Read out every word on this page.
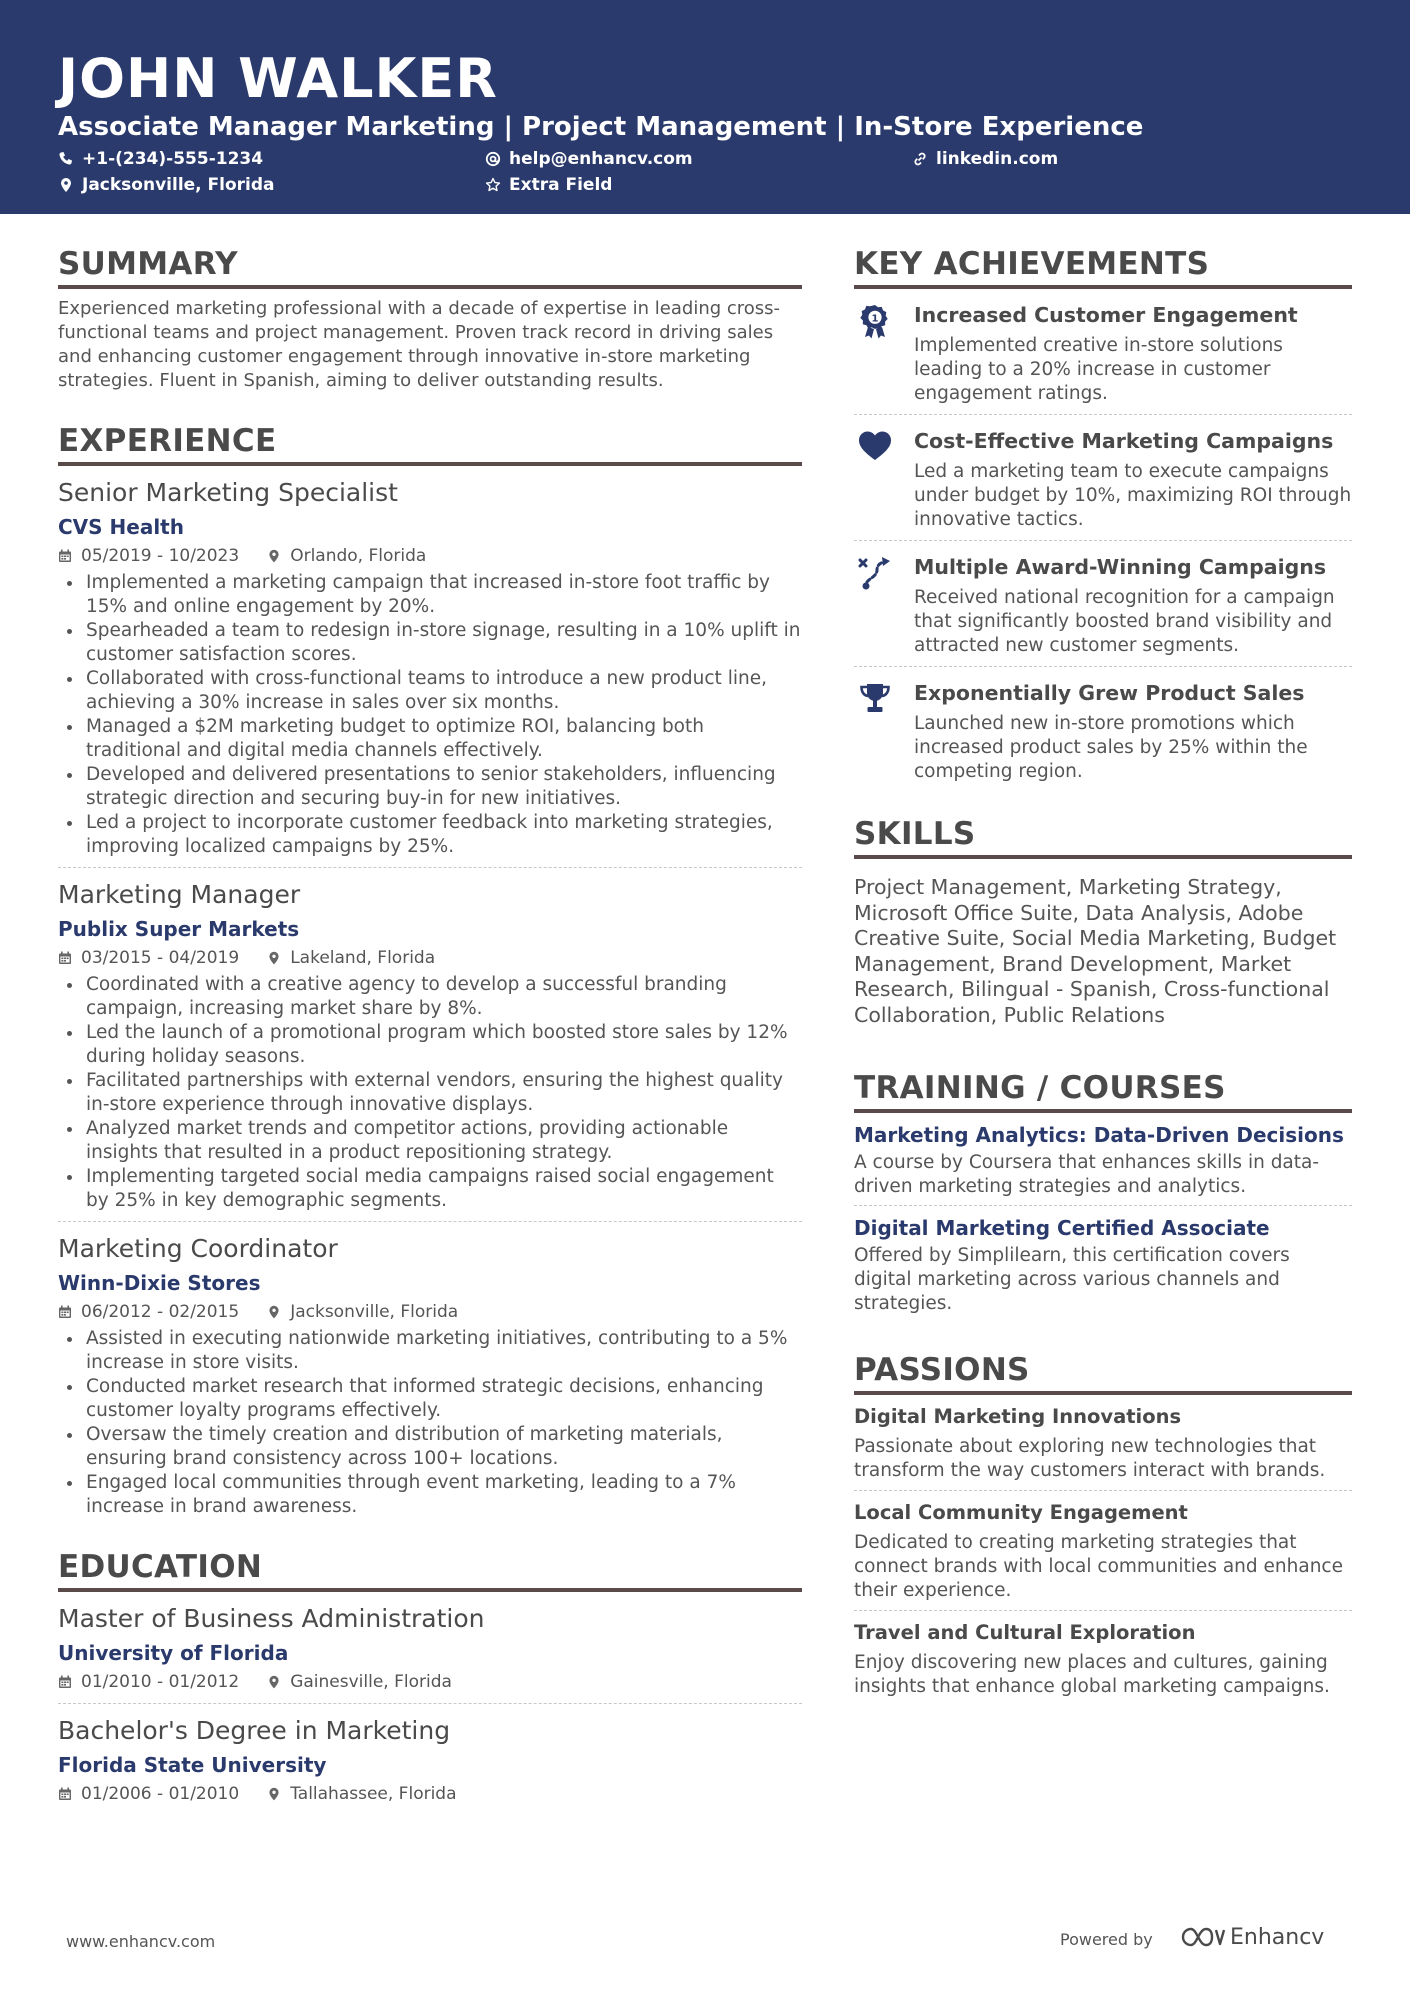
JOHN WALKER
Associate Manager Marketing | Project Management | In-Store Experience
+1-(234)-555-1234	help@enhancv.com	linkedin.com
Jacksonville, Florida	Extra Field
SUMMARY
Experienced marketing professional with a decade of expertise in leading cross-functional teams and project management. Proven track record in driving sales and enhancing customer engagement through innovative in-store marketing strategies. Fluent in Spanish, aiming to deliver outstanding results.
EXPERIENCE
Senior Marketing Specialist
CVS Health
05/2019 - 10/2023	Orlando, Florida
Implemented a marketing campaign that increased in-store foot traffic by 15% and online engagement by 20%.
Spearheaded a team to redesign in-store signage, resulting in a 10% uplift in customer satisfaction scores.
Collaborated with cross-functional teams to introduce a new product line, achieving a 30% increase in sales over six months.
Managed a $2M marketing budget to optimize ROI, balancing both traditional and digital media channels effectively.
Developed and delivered presentations to senior stakeholders, influencing strategic direction and securing buy-in for new initiatives.
Led a project to incorporate customer feedback into marketing strategies, improving localized campaigns by 25%.
Marketing Manager
Publix Super Markets
03/2015 - 04/2019	Lakeland, Florida
Coordinated with a creative agency to develop a successful branding campaign, increasing market share by 8%.
Led the launch of a promotional program which boosted store sales by 12% during holiday seasons.
Facilitated partnerships with external vendors, ensuring the highest quality in-store experience through innovative displays.
Analyzed market trends and competitor actions, providing actionable insights that resulted in a product repositioning strategy.
Implementing targeted social media campaigns raised social engagement by 25% in key demographic segments.
Marketing Coordinator
Winn-Dixie Stores
06/2012 - 02/2015	Jacksonville, Florida
Assisted in executing nationwide marketing initiatives, contributing to a 5% increase in store visits.
Conducted market research that informed strategic decisions, enhancing customer loyalty programs effectively.
Oversaw the timely creation and distribution of marketing materials, ensuring brand consistency across 100+ locations.
Engaged local communities through event marketing, leading to a 7% increase in brand awareness.
EDUCATION
Master of Business Administration
University of Florida
01/2010 - 01/2012	Gainesville, Florida
Bachelor's Degree in Marketing
Florida State University
01/2006 - 01/2010	Tallahassee, Florida
KEY ACHIEVEMENTS
1 Increased Customer Engagement
Implemented creative in-store solutions leading to a 20% increase in customer engagement ratings.
Cost-Effective Marketing Campaigns
Led a marketing team to execute campaigns under budget by 10%, maximizing ROI through innovative tactics.
Multiple Award-Winning Campaigns
Received national recognition for a campaign that significantly boosted brand visibility and attracted new customer segments.
Exponentially Grew Product Sales
Launched new in-store promotions which increased product sales by 25% within the competing region.
SKILLS
Project Management, Marketing Strategy, Microsoft Office Suite, Data Analysis, Adobe Creative Suite, Social Media Marketing, Budget Management, Brand Development, Market Research, Bilingual - Spanish, Cross-functional Collaboration, Public Relations
TRAINING / COURSES
Marketing Analytics: Data-Driven Decisions
A course by Coursera that enhances skills in data-driven marketing strategies and analytics.
Digital Marketing Certified Associate
Offered by Simplilearn, this certification covers digital marketing across various channels and strategies.
PASSIONS
Digital Marketing Innovations
Passionate about exploring new technologies that transform the way customers interact with brands.
Local Community Engagement
Dedicated to creating marketing strategies that connect brands with local communities and enhance their experience.
Travel and Cultural Exploration
Enjoy discovering new places and cultures, gaining insights that enhance global marketing campaigns.
www.enhancv.com	Powered by	Enhancv
